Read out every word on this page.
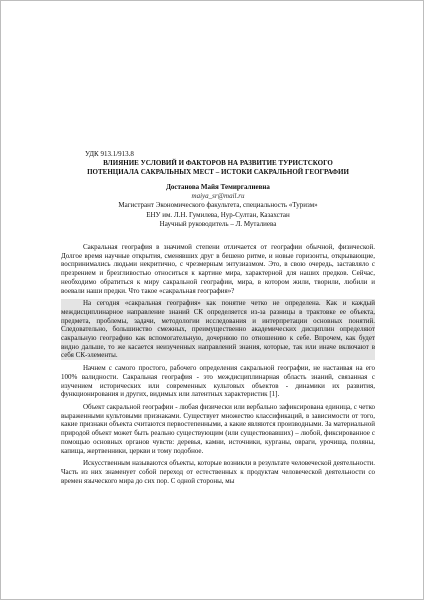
УДК 913.1/913.8

ВЛИЯНИЕ УСЛОВИЙ И ФАКТОРОВ НА РАЗВИТИЕ ТУРИСТСКОГО

ПОТЕНЦИАЛА САКРАЛЬНЫХ МЕСТ – ИСТОКИ САКРАЛЬНОЙ ГЕОГРАФИИ

Достанова Майя Темиргалиевна

maiya_sr@mail.ru

Магистрант Экономического факультета, специальность «Туризм»

ЕНУ им. Л.Н. Гумилева, Нур-Султан, Казахстан

Научный руководитель – Л. Муталиева

Сакральная география в значимой степени отличается от географии обычной, физической. Долгое время научные открытия, сменявших друг в бешено ритме, и новые горизонты, открывающие, воспринимались людьми некритично, с чрезмерным энтузиазмом. Это, в свою очередь, заставляло с презрением и брезгливостью относиться к картине мира, характерной для наших предков. Сейчас, необходимо обратиться к миру сакральной географии, мира, в котором жили, творили, любили и воевали наши предки. Что такое «сакральная география»?

На сегодня «сакральная география» как понятие четко не определена. Как и каждый междисциплинарное направление знаний СК определяется из-за разницы в трактовке ее объекта, предмета, проблемы, задачи, методологии исследования и интерпретации основных понятий. Следовательно, большинство смежных, преимущественно академических дисциплин определяют сакральную географию как вспомогательную, дочернюю по отношению к себе. Впрочем, как будет видно дальше, то же касается неизученных направлений знания, которые, так или иначе включают в себя СК-элементы.

Начнем с самого простого, рабочего определения сакральной географии, не настаивая на его 100% валидности. Сакральная география - это междисциплинарная область знаний, связанная с изучением исторических или современных культовых объектов - динамики их развития, функционирования и других, видимых или латентных характеристик [1].

Объект сакральной географии - любая физически или вербально зафиксирована единица, с четко выраженными культовыми признаками. Существует множество классификаций, в зависимости от того, какие признаки объекта считаются первостепенными, а какие являются производными. За материальной природой объект может быть реально существующим (или существовавших) – любой, фиксированное с помощью основных органов чувств: деревья, камни, источники, курганы, овраги, урочища, поляны, капища, жертвенники, церкви и тому подобное.

Искусственным называются объекты, которые возникли в результате человеческой деятельности. Часть из них знаменует собой переход от естественных к продуктам человеческой деятельности со времен языческого мира до сих пор. С одной стороны, мы
